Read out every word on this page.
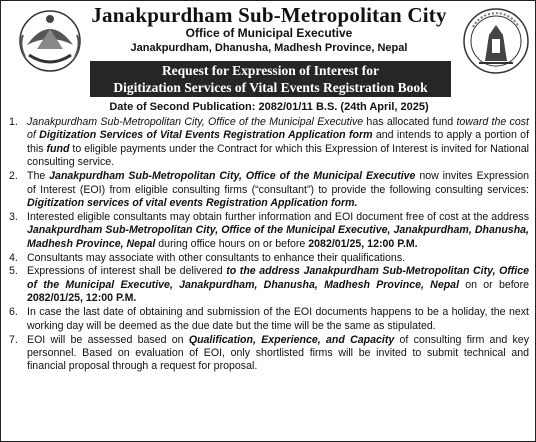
Janakpurdham Sub-Metropolitan City
Office of Municipal Executive
Janakpurdham, Dhanusha, Madhesh Province, Nepal
Request for Expression of Interest for
Digitization Services of Vital Events Registration Book
Date of Second Publication: 2082/01/11 B.S. (24th April, 2025)
1. Janakpurdham Sub-Metropolitan City, Office of the Municipal Executive has allocated fund toward the cost of Digitization Services of Vital Events Registration Application form and intends to apply a portion of this fund to eligible payments under the Contract for which this Expression of Interest is invited for National consulting service.
2. The Janakpurdham Sub-Metropolitan City, Office of the Municipal Executive now invites Expression of Interest (EOI) from eligible consulting firms (“consultant”) to provide the following consulting services: Digitization services of vital events Registration Application form.
3. Interested eligible consultants may obtain further information and EOI document free of cost at the address Janakpurdham Sub-Metropolitan City, Office of the Municipal Executive, Janakpurdham, Dhanusha, Madhesh Province, Nepal during office hours on or before 2082/01/25, 12:00 P.M.
4. Consultants may associate with other consultants to enhance their qualifications.
5. Expressions of interest shall be delivered to the address Janakpurdham Sub-Metropolitan City, Office of the Municipal Executive, Janakpurdham, Dhanusha, Madhesh Province, Nepal on or before 2082/01/25, 12:00 P.M.
6. In case the last date of obtaining and submission of the EOI documents happens to be a holiday, the next working day will be deemed as the due date but the time will be the same as stipulated.
7. EOI will be assessed based on Qualification, Experience, and Capacity of consulting firm and key personnel. Based on evaluation of EOI, only shortlisted firms will be invited to submit technical and financial proposal through a request for proposal.
